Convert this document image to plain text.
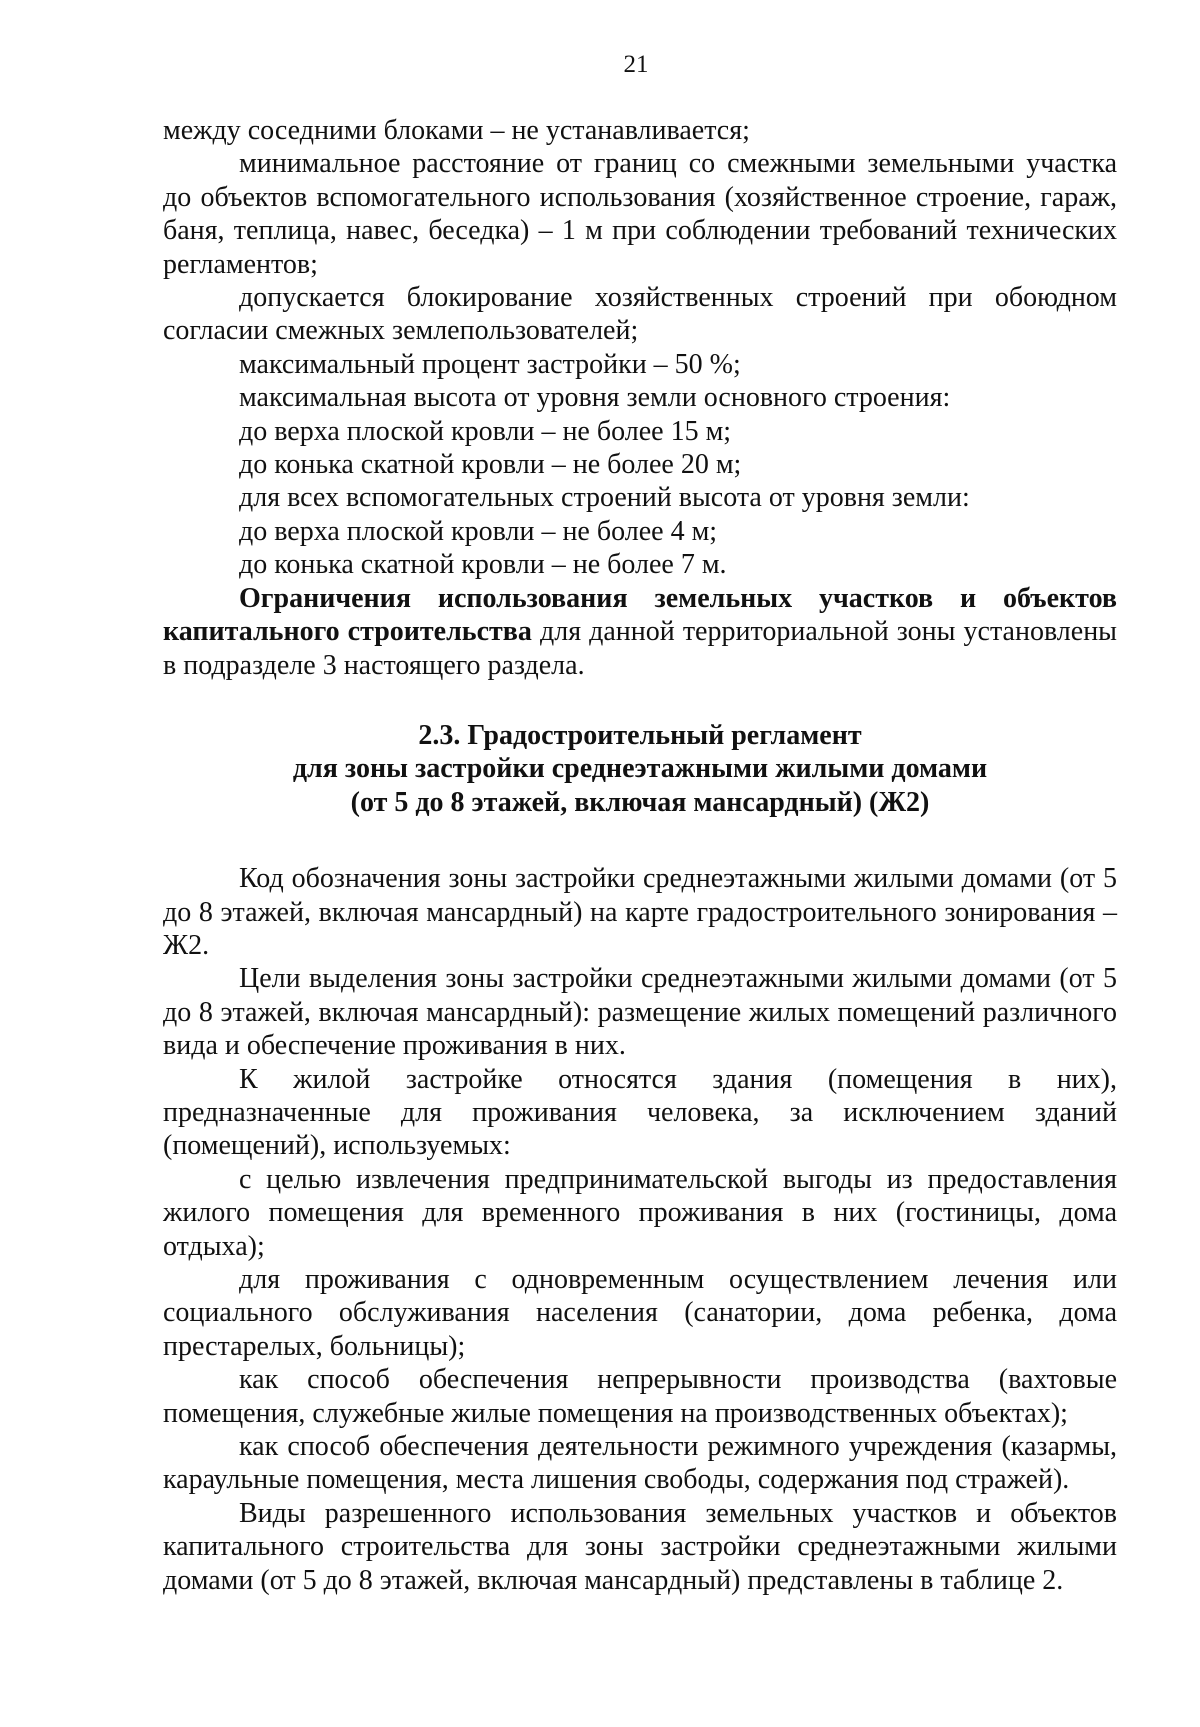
21

между соседними блоками – не устанавливается;

минимальное расстояние от границ со смежными земельными участка до объектов вспомогательного использования (хозяйственное строение, гараж, баня, теплица, навес, беседка) – 1 м при соблюдении требований технических регламентов;

допускается блокирование хозяйственных строений при обоюдном согласии смежных землепользователей;

максимальный процент застройки – 50 %;

максимальная высота от уровня земли основного строения:

до верха плоской кровли – не более 15 м;

до конька скатной кровли – не более 20 м;

для всех вспомогательных строений высота от уровня земли:

до верха плоской кровли – не более 4 м;

до конька скатной кровли – не более 7 м.

Ограничения использования земельных участков и объектов капитального строительства для данной территориальной зоны установлены в подразделе 3 настоящего раздела.

2.3. Градостроительный регламент
для зоны застройки среднеэтажными жилыми домами
(от 5 до 8 этажей, включая мансардный) (Ж2)

Код обозначения зоны застройки среднеэтажными жилыми домами (от 5 до 8 этажей, включая мансардный) на карте градостроительного зонирования – Ж2.

Цели выделения зоны застройки среднеэтажными жилыми домами (от 5 до 8 этажей, включая мансардный): размещение жилых помещений различного вида и обеспечение проживания в них.

К жилой застройке относятся здания (помещения в них), предназначенные для проживания человека, за исключением зданий (помещений), используемых:

с целью извлечения предпринимательской выгоды из предоставления жилого помещения для временного проживания в них (гостиницы, дома отдыха);

для проживания с одновременным осуществлением лечения или социального обслуживания населения (санатории, дома ребенка, дома престарелых, больницы);

как способ обеспечения непрерывности производства (вахтовые помещения, служебные жилые помещения на производственных объектах);

как способ обеспечения деятельности режимного учреждения (казармы, караульные помещения, места лишения свободы, содержания под стражей).

Виды разрешенного использования земельных участков и объектов капитального строительства для зоны застройки среднеэтажными жилыми домами (от 5 до 8 этажей, включая мансардный) представлены в таблице 2.
